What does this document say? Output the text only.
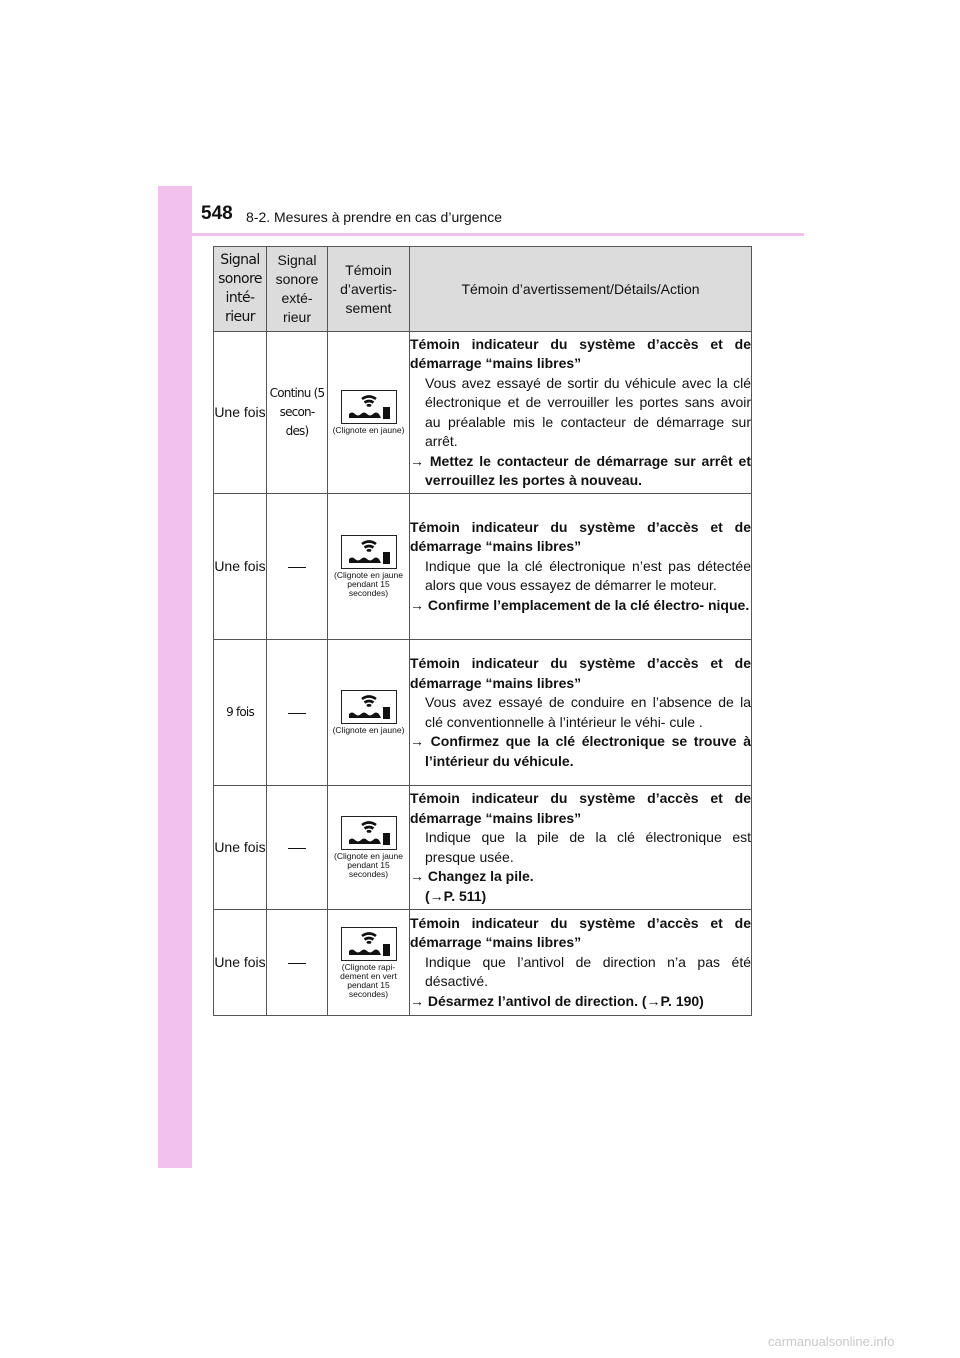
548 8-2. Mesures à prendre en cas d’urgence
Signal sonore inté- rieur	Signal sonore exté- rieur	Témoin d’avertis- sement	Témoin d’avertissement/Détails/Action
Une fois	Continu (5 secon- des)	(Clignote en jaune)	Témoin indicateur du système d’accès et de démarrage “mains libres”
Vous avez essayé de sortir du véhicule avec la clé électronique et de verrouiller les portes sans avoir au préalable mis le contacteur de démarrage sur arrêt.
→ Mettez le contacteur de démarrage sur arrêt et verrouillez les portes à nouveau.

Une fois		(Clignote en jaune pendant 15 secondes)	Témoin indicateur du système d’accès et de démarrage “mains libres”
Indique que la clé électronique n’est pas détectée alors que vous essayez de démarrer le moteur.
→ Confirme l’emplacement de la clé électro- nique.

9 fois		(Clignote en jaune)	Témoin indicateur du système d’accès et de démarrage “mains libres”
Vous avez essayé de conduire en l’absence de la clé conventionnelle à l’intérieur le véhi- cule .
→ Confirmez que la clé électronique se trouve à l’intérieur du véhicule.

Une fois		(Clignote en jaune pendant 15 secondes)	Témoin indicateur du système d’accès et de démarrage “mains libres”
Indique que la pile de la clé électronique est presque usée.
→ Changez la pile.
(→P. 511)

Une fois		(Clignote rapi- dement en vert pendant 15 secondes)	Témoin indicateur du système d’accès et de démarrage “mains libres”
Indique que l’antivol de direction n’a pas été désactivé.
→ Désarmez l’antivol de direction. (→P. 190)
carmanualsonline.info
